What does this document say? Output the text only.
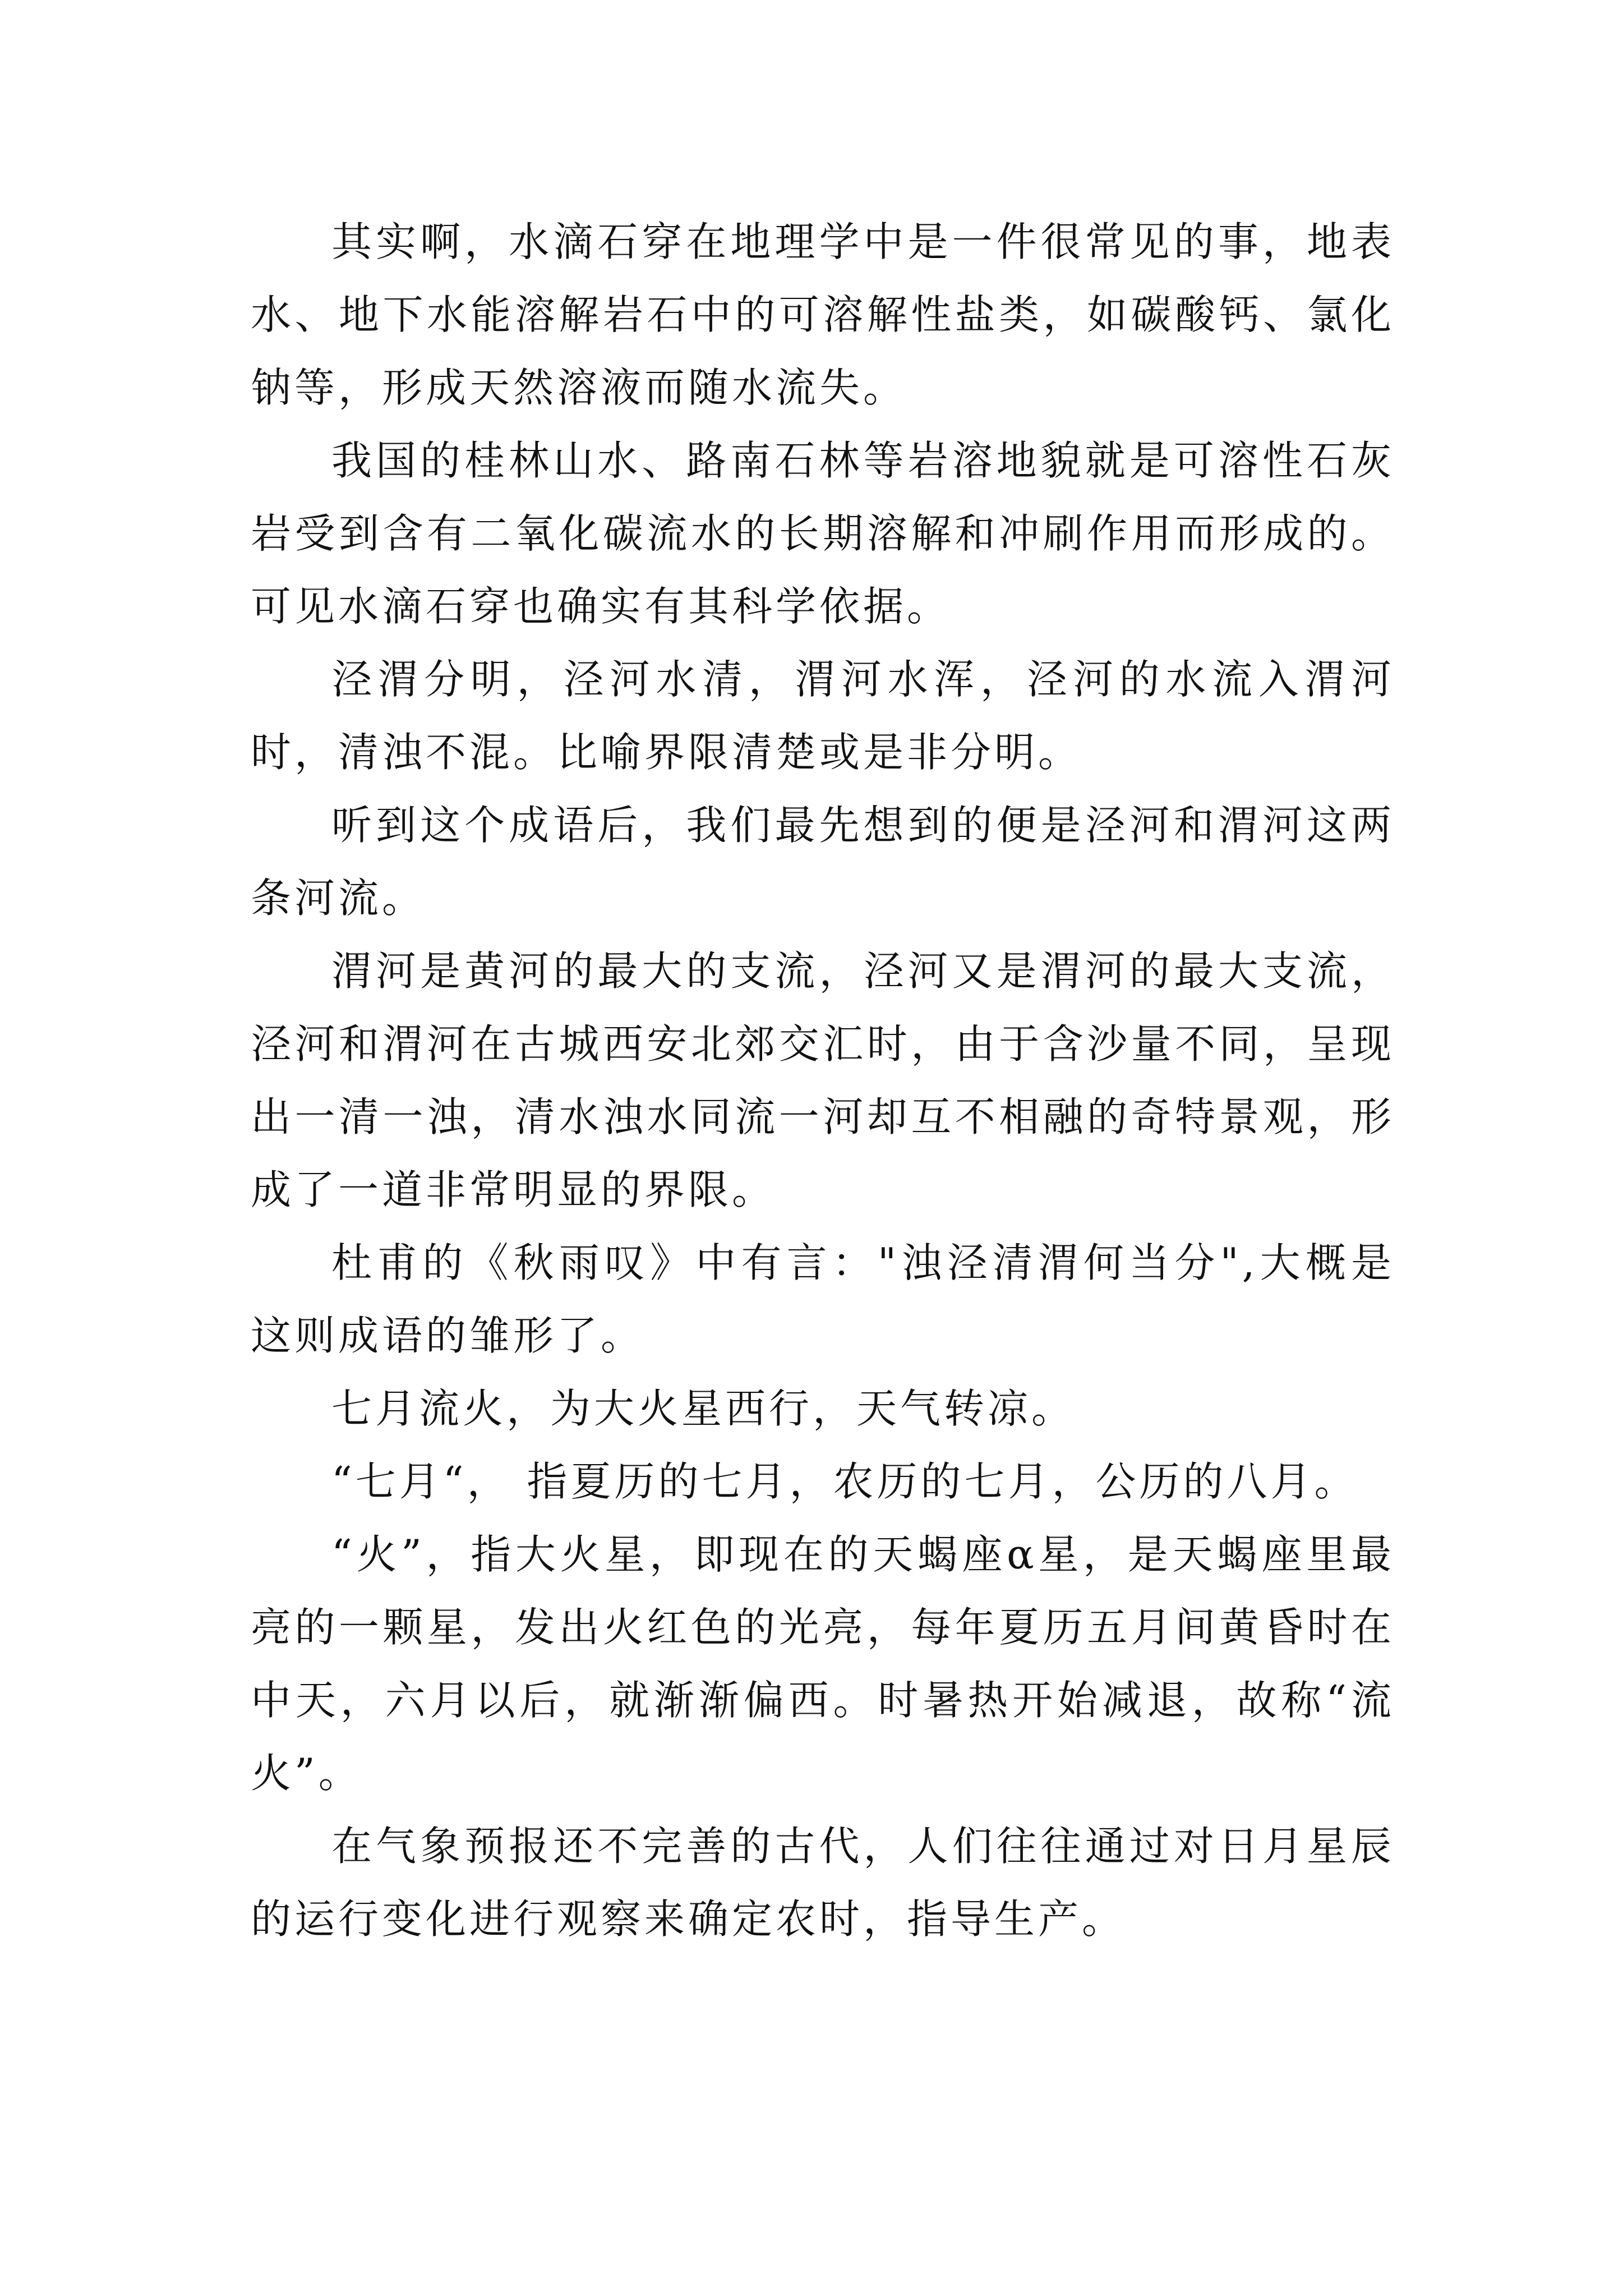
其实啊，水滴石穿在地理学中是一件很常见的事，地表水、地下水能溶解岩石中的可溶解性盐类，如碳酸钙、氯化钠等，形成天然溶液而随水流失。

我国的桂林山水、路南石林等岩溶地貌就是可溶性石灰岩受到含有二氧化碳流水的长期溶解和冲刷作用而形成的。可见水滴石穿也确实有其科学依据。

泾渭分明，泾河水清，渭河水浑，泾河的水流入渭河时，清浊不混。比喻界限清楚或是非分明。

听到这个成语后，我们最先想到的便是泾河和渭河这两条河流。

渭河是黄河的最大的支流，泾河又是渭河的最大支流，泾河和渭河在古城西安北郊交汇时，由于含沙量不同，呈现出一清一浊，清水浊水同流一河却互不相融的奇特景观，形成了一道非常明显的界限。

杜甫的《秋雨叹》中有言："浊泾清渭何当分",大概是这则成语的雏形了。

七月流火，为大火星西行，天气转凉。

“七月“， 指夏历的七月，农历的七月，公历的八月。

“火”，指大火星，即现在的天蝎座α星，是天蝎座里最亮的一颗星，发出火红色的光亮，每年夏历五月间黄昏时在中天，六月以后，就渐渐偏西。时暑热开始减退，故称“流火”。

在气象预报还不完善的古代，人们往往通过对日月星辰的运行变化进行观察来确定农时，指导生产。
